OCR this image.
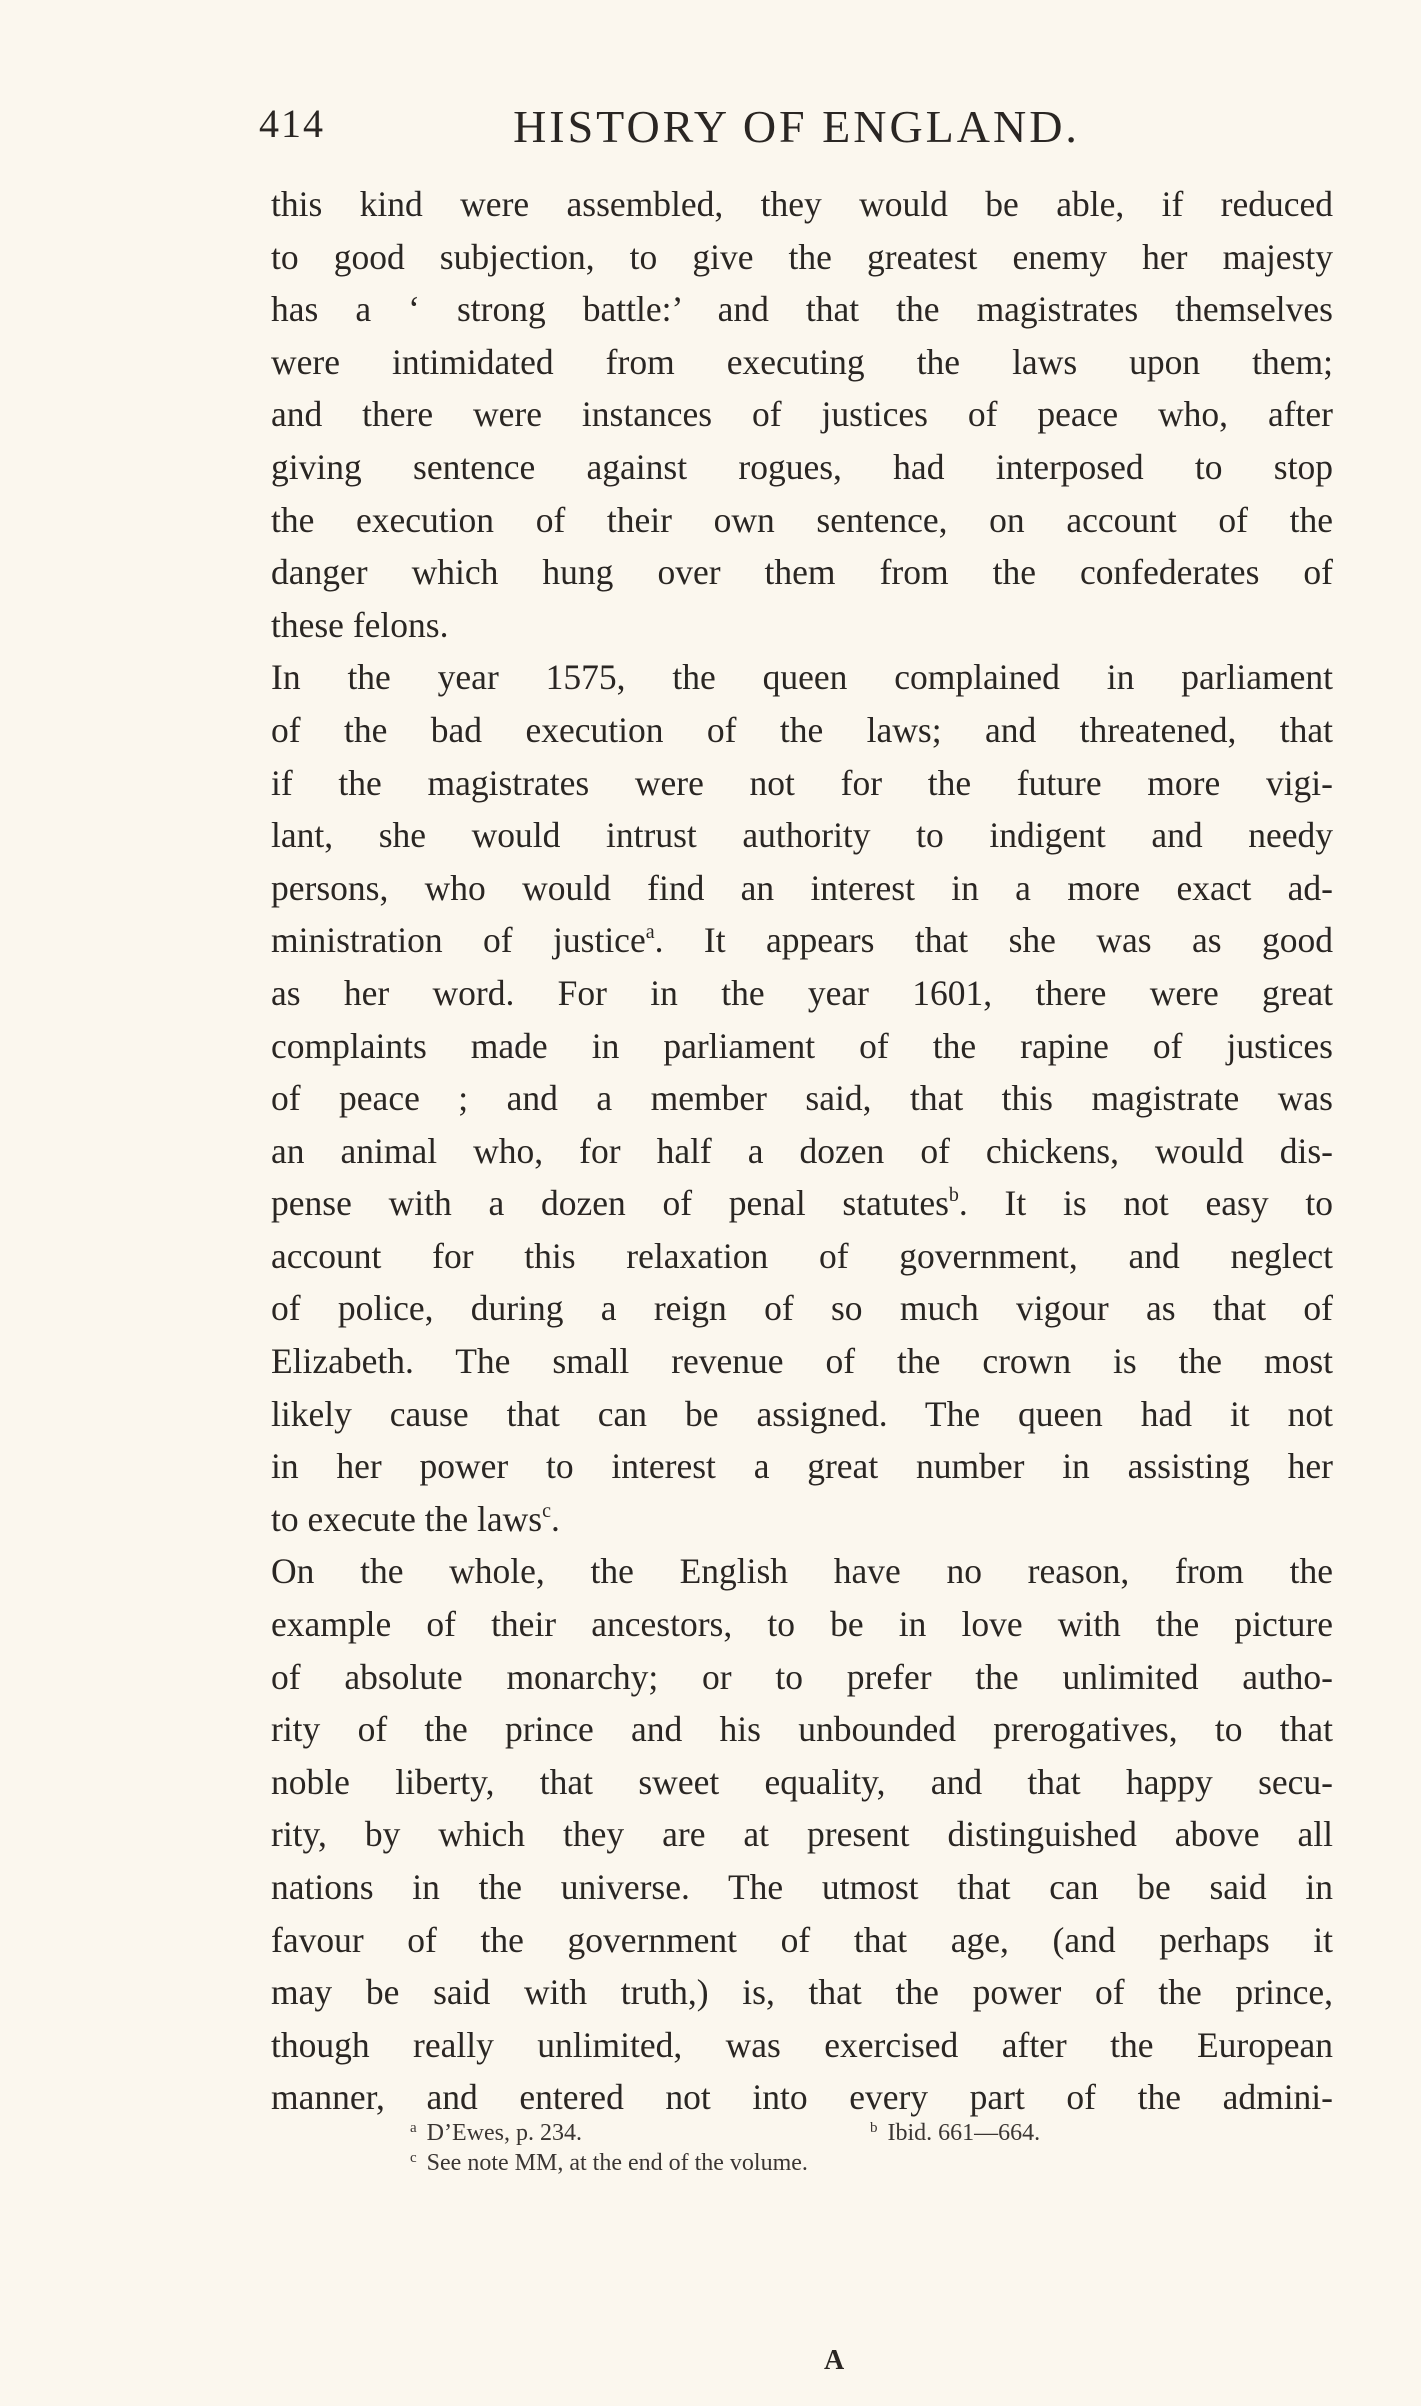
414	HISTORY OF ENGLAND.
this kind were assembled, they would be able, if reduced
to good subjection, to give the greatest enemy her majesty
has a ‘ strong battle:’ and that the magistrates themselves
were intimidated from executing the laws upon them;
and there were instances of justices of peace who, after
giving sentence against rogues, had interposed to stop
the execution of their own sentence, on account of the
danger which hung over them from the confederates of
these felons.
In the year 1575, the queen complained in parliament
of the bad execution of the laws; and threatened, that
if the magistrates were not for the future more vigi-
lant, she would intrust authority to indigent and needy
persons, who would find an interest in a more exact ad-
ministration of justice$^a$. It appears that she was as good
as her word. For in the year 1601, there were great
complaints made in parliament of the rapine of justices
of peace ; and a member said, that this magistrate was
an animal who, for half a dozen of chickens, would dis-
pense with a dozen of penal statutes$^b$. It is not easy to
account for this relaxation of government, and neglect
of police, during a reign of so much vigour as that of
Elizabeth. The small revenue of the crown is the most
likely cause that can be assigned. The queen had it not
in her power to interest a great number in assisting her
to execute the laws$^c$.
On the whole, the English have no reason, from the
example of their ancestors, to be in love with the picture
of absolute monarchy; or to prefer the unlimited autho-
rity of the prince and his unbounded prerogatives, to that
noble liberty, that sweet equality, and that happy secu-
rity, by which they are at present distinguished above all
nations in the universe. The utmost that can be said in
favour of the government of that age, (and perhaps it
may be said with truth,) is, that the power of the prince,
though really unlimited, was exercised after the European
manner, and entered not into every part of the admini-
$^a$ D’Ewes, p. 234.	$^b$ Ibid. 661—664.
$^c$ See note MM, at the end of the volume.
A
